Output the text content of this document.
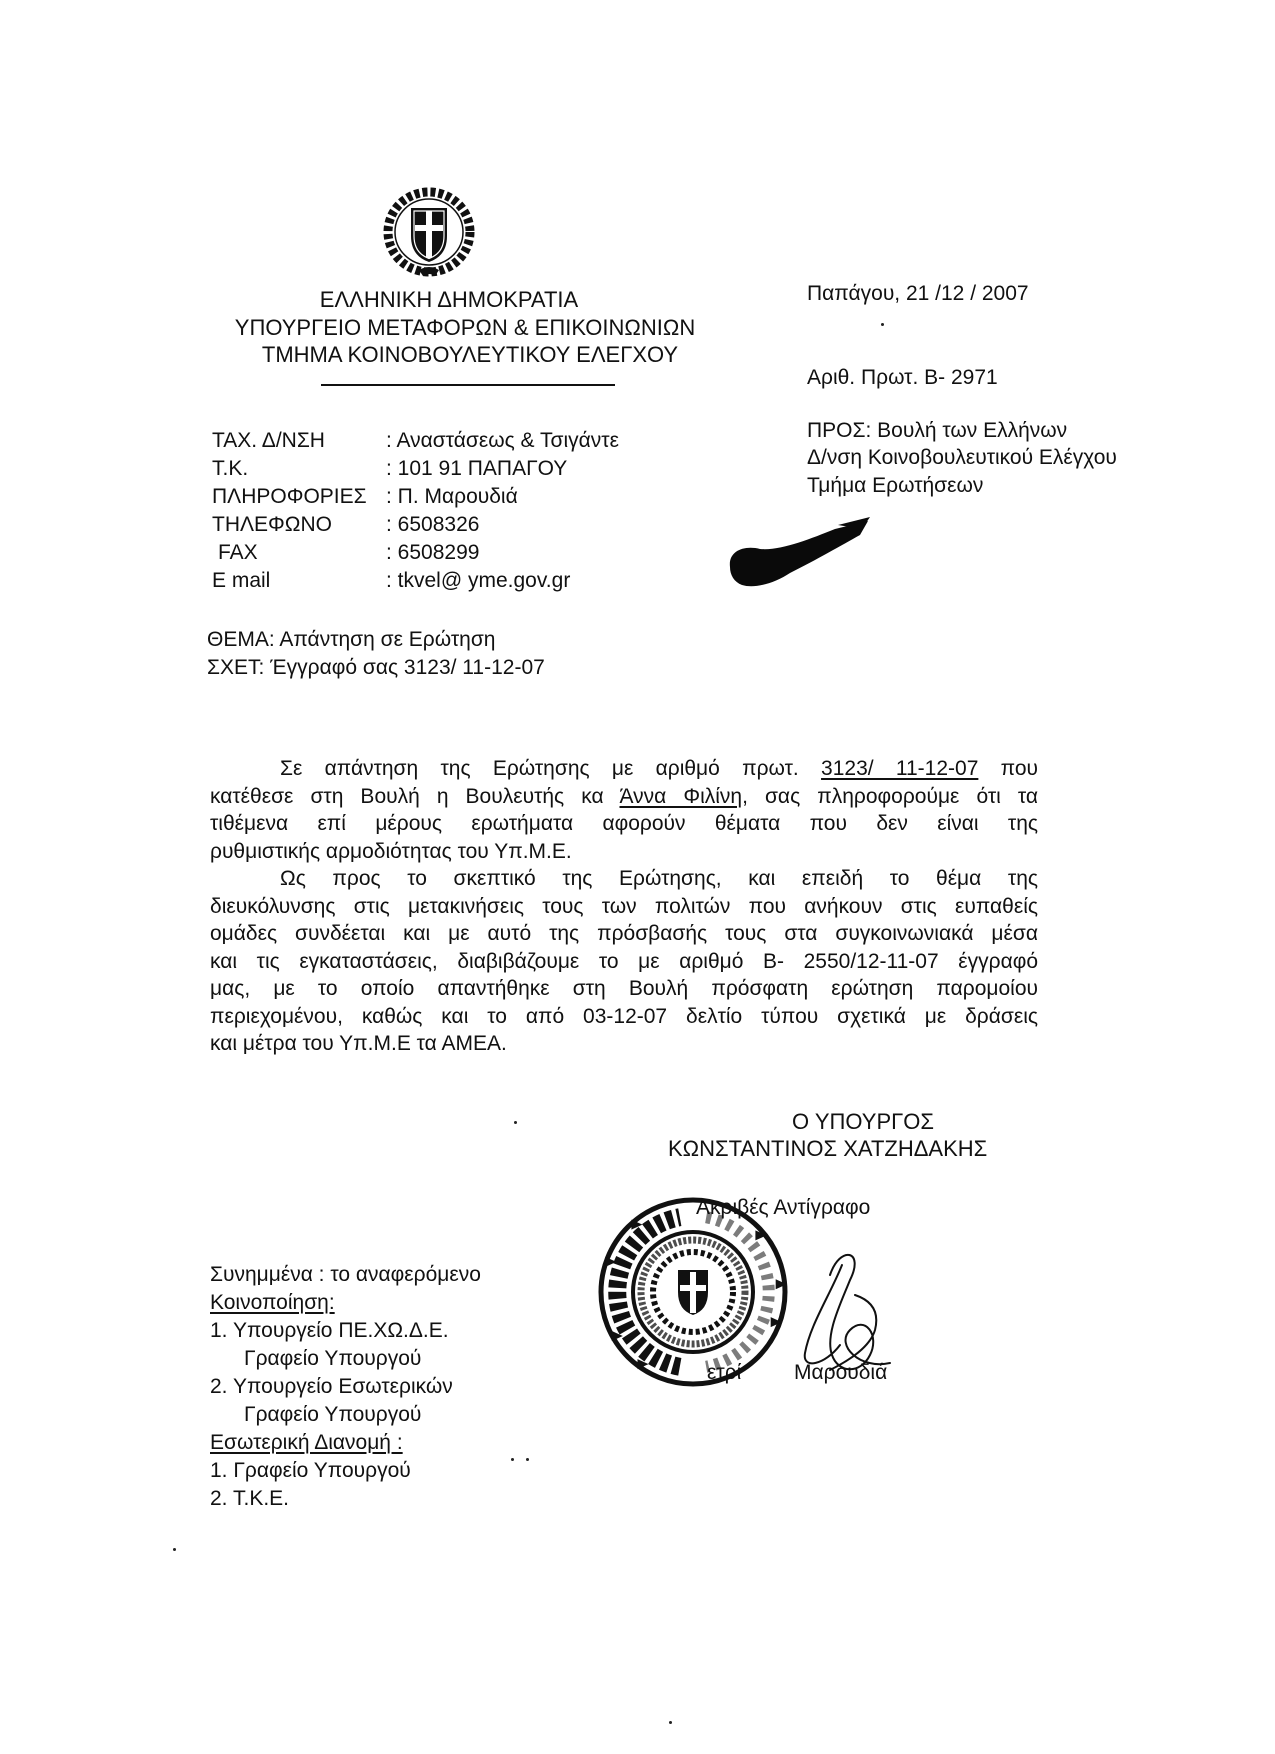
ΕΛΛΗΝΙΚΗ ΔΗΜΟΚΡΑΤΙΑ
ΥΠΟΥΡΓΕΙΟ ΜΕΤΑΦΟΡΩΝ & ΕΠΙΚΟΙΝΩΝΙΩΝ
ΤΜΗΜΑ ΚΟΙΝΟΒΟΥΛΕΥΤΙΚΟΥ ΕΛΕΓΧΟΥ
Παπάγου, 21 /12 / 2007
Αριθ. Πρωτ. Β- 2971
ΠΡΟΣ: Βουλή των Ελλήνων
Δ/νση Κοινοβουλευτικού Ελέγχου
Τμήμα Ερωτήσεων
ΤΑΧ. Δ/ΝΣΗ	: Αναστάσεως & Τσιγάντε
Τ.Κ.	: 101 91 ΠΑΠΑΓΟΥ
ΠΛΗΡΟΦΟΡΙΕΣ : Π. Μαρουδιά
ΤΗΛΕΦΩΝΟ	: 6508326
FAX	: 6508299
E mail	: tkvel@ yme.gov.gr
ΘΕΜΑ: Απάντηση σε Ερώτηση
ΣΧΕΤ: Έγγραφό σας 3123/ 11-12-07
Σε απάντηση της Ερώτησης με αριθμό πρωτ. 3123/ 11-12-07 που
κατέθεσε στη Βουλή η Βουλευτής κα Άννα Φιλίνη, σας πληροφορούμε ότι τα
τιθέμενα επί μέρους ερωτήματα αφορούν θέματα που δεν είναι της
ρυθμιστικής αρμοδιότητας του Υπ.Μ.Ε.
Ως προς το σκεπτικό της Ερώτησης, και επειδή το θέμα της
διευκόλυνσης στις μετακινήσεις τους των πολιτών που ανήκουν στις ευπαθείς
ομάδες συνδέεται και με αυτό της πρόσβασής τους στα συγκοινωνιακά μέσα
και τις εγκαταστάσεις, διαβιβάζουμε το με αριθμό Β- 2550/12-11-07 έγγραφό
μας, με το οποίο απαντήθηκε στη Βουλή πρόσφατη ερώτηση παρομοίου
περιεχομένου, καθώς και το από 03-12-07 δελτίο τύπου σχετικά με δράσεις
και μέτρα του Υπ.Μ.Ε τα ΑΜΕΑ.
Ο ΥΠΟΥΡΓΟΣ
ΚΩΝΣΤΑΝΤΙΝΟΣ ΧΑΤΖΗΔΑΚΗΣ
Ακριβές Αντίγραφο
ετρί	Μαρουδιά
Συνημμένα : το αναφερόμενο
Κοινοποίηση:
1. Υπουργείο ΠΕ.ΧΩ.Δ.Ε.
Γραφείο Υπουργού
2. Υπουργείο Εσωτερικών
Γραφείο Υπουργού
Εσωτερική Διανομή :
1. Γραφείο Υπουργού
2. Τ.Κ.Ε.
